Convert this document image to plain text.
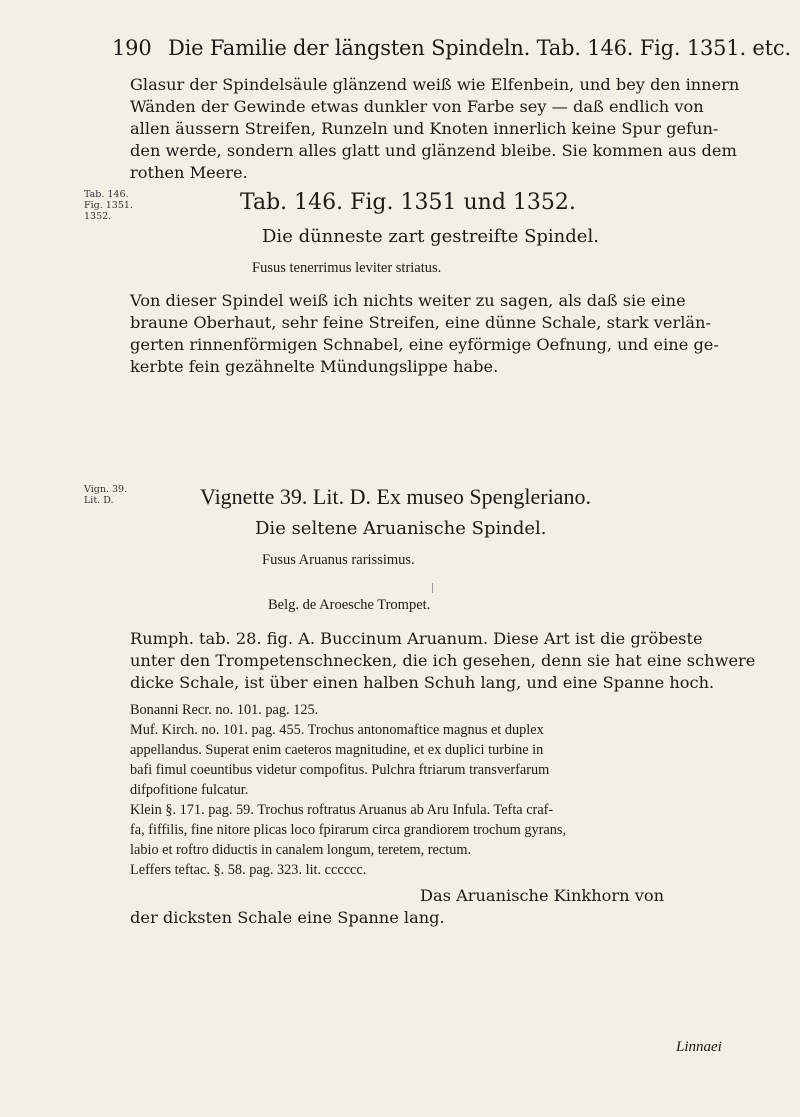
190 Die Familie der längsten Spindeln. Tab. 146. Fig. 1351. etc.
Glasur der Spindelsäule glänzend weiß wie Elfenbein, und bey den innern
Wänden der Gewinde etwas dunkler von Farbe sey — daß endlich von
allen äussern Streifen, Runzeln und Knoten innerlich keine Spur gefun-
den werde, sondern alles glatt und glänzend bleibe. Sie kommen aus dem
rothen Meere.
Tab. 146.
Fig. 1351.
1352.
Tab. 146. Fig. 1351 und 1352.
Die dünneste zart gestreifte Spindel.
Fusus tenerrimus leviter striatus.
Von dieser Spindel weiß ich nichts weiter zu sagen, als daß sie eine
braune Oberhaut, sehr feine Streifen, eine dünne Schale, stark verlän-
gerten rinnenförmigen Schnabel, eine eyförmige Oefnung, und eine ge-
kerbte fein gezähnelte Mündungslippe habe.
Vign. 39.
Lit. D.	Vignette 39. Lit. D. Ex museo Spengleriano.
Die seltene Aruanische Spindel.
Fusus Aruanus rarissimus.
Belg. de Aroesche Trompet.
Rumph. tab. 28. fig. A. Buccinum Aruanum. Diese Art ist die gröbeste
unter den Trompetenschnecken, die ich gesehen, denn sie hat eine schwere
dicke Schale, ist über einen halben Schuh lang, und eine Spanne hoch.
Bonanni Recr. no. 101. pag. 125.
Muf. Kirch. no. 101. pag. 455. Trochus antonomaftice magnus et duplex
appellandus. Superat enim caeteros magnitudine, et ex duplici turbine in
bafi fimul coeuntibus videtur compofitus. Pulchra ftriarum transverfarum
difpofitione fulcatur.
Klein §. 171. pag. 59. Trochus roftratus Aruanus ab Aru Infula. Tefta craf-
fa, fiffilis, fine nitore plicas loco fpirarum circa grandiorem trochum gyrans,
labio et roftro diductis in canalem longum, teretem, rectum.
Leffers teftac. §. 58. pag. 323. lit. cccccc.
Das Aruanische Kinkhorn von
der dicksten Schale eine Spanne lang.
Linnaei
